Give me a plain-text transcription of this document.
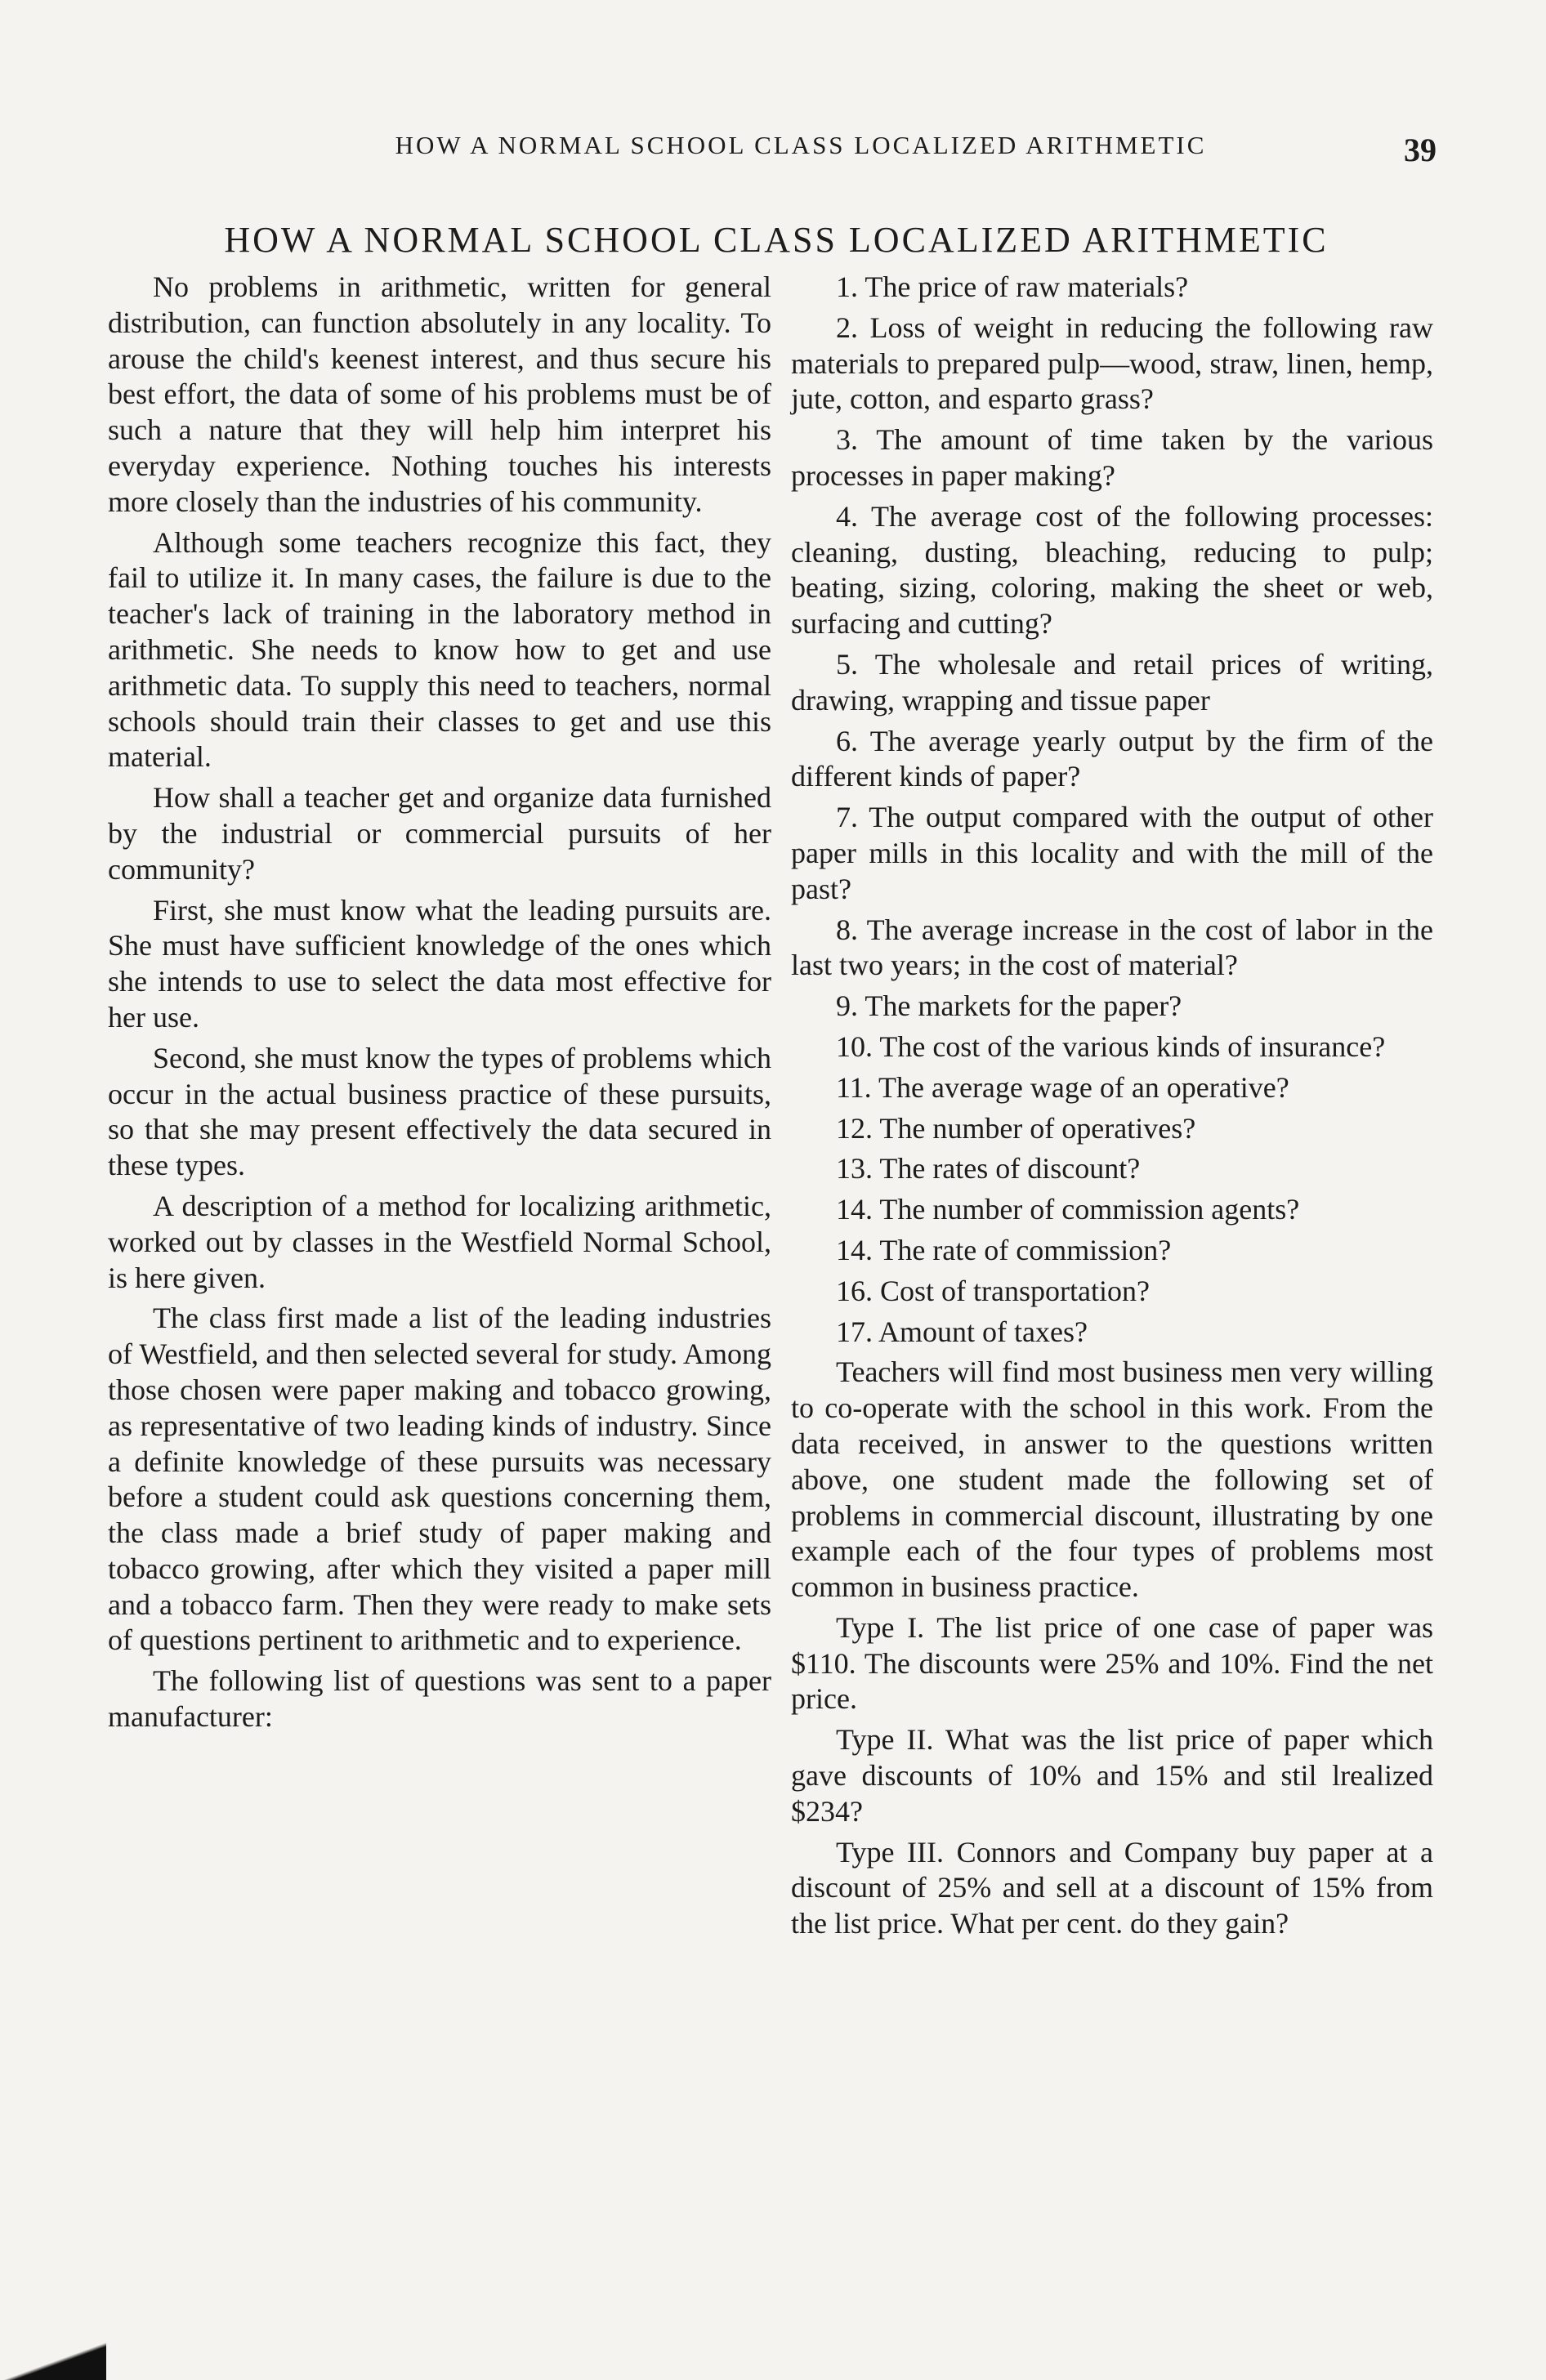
HOW A NORMAL SCHOOL CLASS LOCALIZED ARITHMETIC	39
HOW A NORMAL SCHOOL CLASS LOCALIZED ARITHMETIC

No problems in arithmetic, written for general distribution, can function absolutely in any locality. To arouse the child's keenest interest, and thus secure his best effort, the data of some of his problems must be of such a nature that they will help him interpret his everyday experience. Nothing touches his interests more closely than the industries of his community.

Although some teachers recognize this fact, they fail to utilize it. In many cases, the failure is due to the teacher's lack of training in the laboratory method in arithmetic. She needs to know how to get and use arithmetic data. To supply this need to teachers, normal schools should train their classes to get and use this material.

How shall a teacher get and organize data furnished by the industrial or commercial pursuits of her community?

First, she must know what the leading pursuits are. She must have sufficient knowledge of the ones which she intends to use to select the data most effective for her use.

Second, she must know the types of problems which occur in the actual business practice of these pursuits, so that she may present effectively the data secured in these types.

A description of a method for localizing arithmetic, worked out by classes in the Westfield Normal School, is here given.

The class first made a list of the leading industries of Westfield, and then selected several for study. Among those chosen were paper making and tobacco growing, as representative of two leading kinds of industry. Since a definite knowledge of these pursuits was necessary before a student could ask questions concerning them, the class made a brief study of paper making and tobacco growing, after which they visited a paper mill and a tobacco farm. Then they were ready to make sets of questions pertinent to arithmetic and to experience.

The following list of questions was sent to a paper manufacturer:

1. The price of raw materials?

2. Loss of weight in reducing the following raw materials to prepared pulp—wood, straw, linen, hemp, jute, cotton, and esparto grass?

3. The amount of time taken by the various processes in paper making?

4. The average cost of the following processes: cleaning, dusting, bleaching, reducing to pulp; beating, sizing, coloring, making the sheet or web, surfacing and cutting?

5. The wholesale and retail prices of writing, drawing, wrapping and tissue paper

6. The average yearly output by the firm of the different kinds of paper?

7. The output compared with the output of other paper mills in this locality and with the mill of the past?

8. The average increase in the cost of labor in the last two years; in the cost of material?

9. The markets for the paper?

10. The cost of the various kinds of insurance?

11. The average wage of an operative?

12. The number of operatives?

13. The rates of discount?

14. The number of commission agents?

14. The rate of commission?

16. Cost of transportation?

17. Amount of taxes?

Teachers will find most business men very willing to co-operate with the school in this work. From the data received, in answer to the questions written above, one student made the following set of problems in commercial discount, illustrating by one example each of the four types of problems most common in business practice.

Type I. The list price of one case of paper was $110. The discounts were 25% and 10%. Find the net price.

Type II. What was the list price of paper which gave discounts of 10% and 15% and stil lrealized $234?

Type III. Connors and Company buy paper at a discount of 25% and sell at a discount of 15% from the list price. What per cent. do they gain?
